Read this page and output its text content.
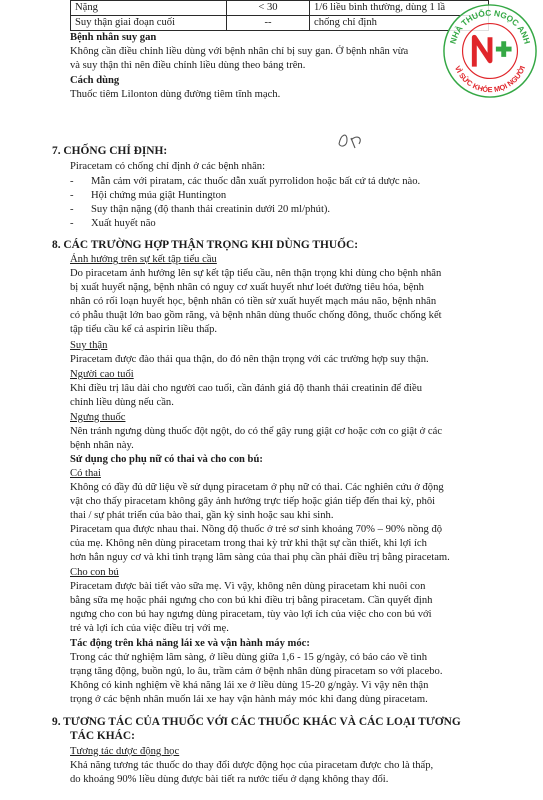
Nặng	< 30	1/6 liều bình thường, dùng 1 lầ
Suy thận giai đoạn cuối	--	chống chỉ định
Bệnh nhân suy gan
Không cần điều chỉnh liều dùng với bệnh nhân chỉ bị suy gan. Ở bệnh nhân vừa
và suy thận thì nên điều chỉnh liều dùng theo bảng trên.
Cách dùng
Thuốc tiêm Lilonton dùng đường tiêm tĩnh mạch.
7. CHỐNG CHỈ ĐỊNH:
Piracetam có chống chỉ định ở các bệnh nhân:
- Mẫn cảm với piratam, các thuốc dẫn xuất pyrrolidon hoặc bất cứ tá dược nào.
- Hội chứng múa giật Huntington
- Suy thận nặng (độ thanh thải creatinin dưới 20 ml/phút).
- Xuất huyết não
8. CÁC TRƯỜNG HỢP THẬN TRỌNG KHI DÙNG THUỐC:
Ảnh hưởng trên sự kết tập tiểu cầu
Do piracetam ảnh hưởng lên sự kết tập tiểu cầu, nên thận trọng khi dùng cho bệnh nhân
bị xuất huyết nặng, bệnh nhân có nguy cơ xuất huyết như loét đường tiêu hóa, bệnh
nhân có rối loạn huyết học, bệnh nhân có tiền sử xuất huyết mạch máu não, bệnh nhân
có phẫu thuật lớn bao gồm răng, và bệnh nhân dùng thuốc chống đông, thuốc chống kết
tập tiểu cầu kể cả aspirin liều thấp.
Suy thận
Piracetam được đào thải qua thận, do đó nên thận trọng với các trường hợp suy thận.
Người cao tuổi
Khi điều trị lâu dài cho người cao tuổi, cần đánh giá độ thanh thải creatinin để điều
chỉnh liều dùng nếu cần.
Ngưng thuốc
Nên tránh ngưng dùng thuốc đột ngột, do có thể gây rung giật cơ hoặc cơn co giật ở các
bệnh nhân này.
Sử dụng cho phụ nữ có thai và cho con bú:
Có thai
Không có đầy đủ dữ liệu về sử dụng piracetam ở phụ nữ có thai. Các nghiên cứu ở động
vật cho thấy piracetam không gây ảnh hưởng trực tiếp hoặc gián tiếp đến thai kỳ, phôi
thai / sự phát triển của bào thai, gần kỳ sinh hoặc sau khi sinh.
Piracetam qua được nhau thai. Nồng độ thuốc ở trẻ sơ sinh khoảng 70% – 90% nồng độ
của mẹ. Không nên dùng piracetam trong thai kỳ trừ khi thật sự cần thiết, khi lợi ích
hơn hẳn nguy cơ và khi tình trạng lâm sàng của thai phụ cần phải điều trị bằng piracetam.
Cho con bú
Piracetam được bài tiết vào sữa mẹ. Vì vậy, không nên dùng piracetam khi nuôi con
bằng sữa mẹ hoặc phải ngưng cho con bú khi điều trị bằng piracetam. Cần quyết định
ngưng cho con bú hay ngưng dùng piracetam, tùy vào lợi ích của việc cho con bú với
trẻ và lợi ích của việc điều trị với mẹ.
Tác động trên khả năng lái xe và vận hành máy móc:
Trong các thử nghiệm lâm sàng, ở liều dùng giữa 1,6 - 15 g/ngày, có báo cáo về tình
trạng tăng động, buồn ngủ, lo âu, trầm cảm ở bệnh nhân dùng piracetam so với placebo.
Không có kinh nghiệm về khả năng lái xe ở liều dùng 15-20 g/ngày. Vì vậy nên thận
trọng ở các bệnh nhân muốn lái xe hay vận hành máy móc khi đang dùng piracetam.
9. TƯƠNG TÁC CỦA THUỐC VỚI CÁC THUỐC KHÁC VÀ CÁC LOẠI TƯƠNG
TÁC KHÁC:
Tương tác dược động học
Khả năng tương tác thuốc do thay đổi dược động học của piracetam được cho là thấp,
do khoảng 90% liều dùng được bài tiết ra nước tiểu ở dạng không thay đổi.
NHÀ THUỐC NGỌC ANH
VÌ SỨC KHỎE MỌI NGƯỜI
